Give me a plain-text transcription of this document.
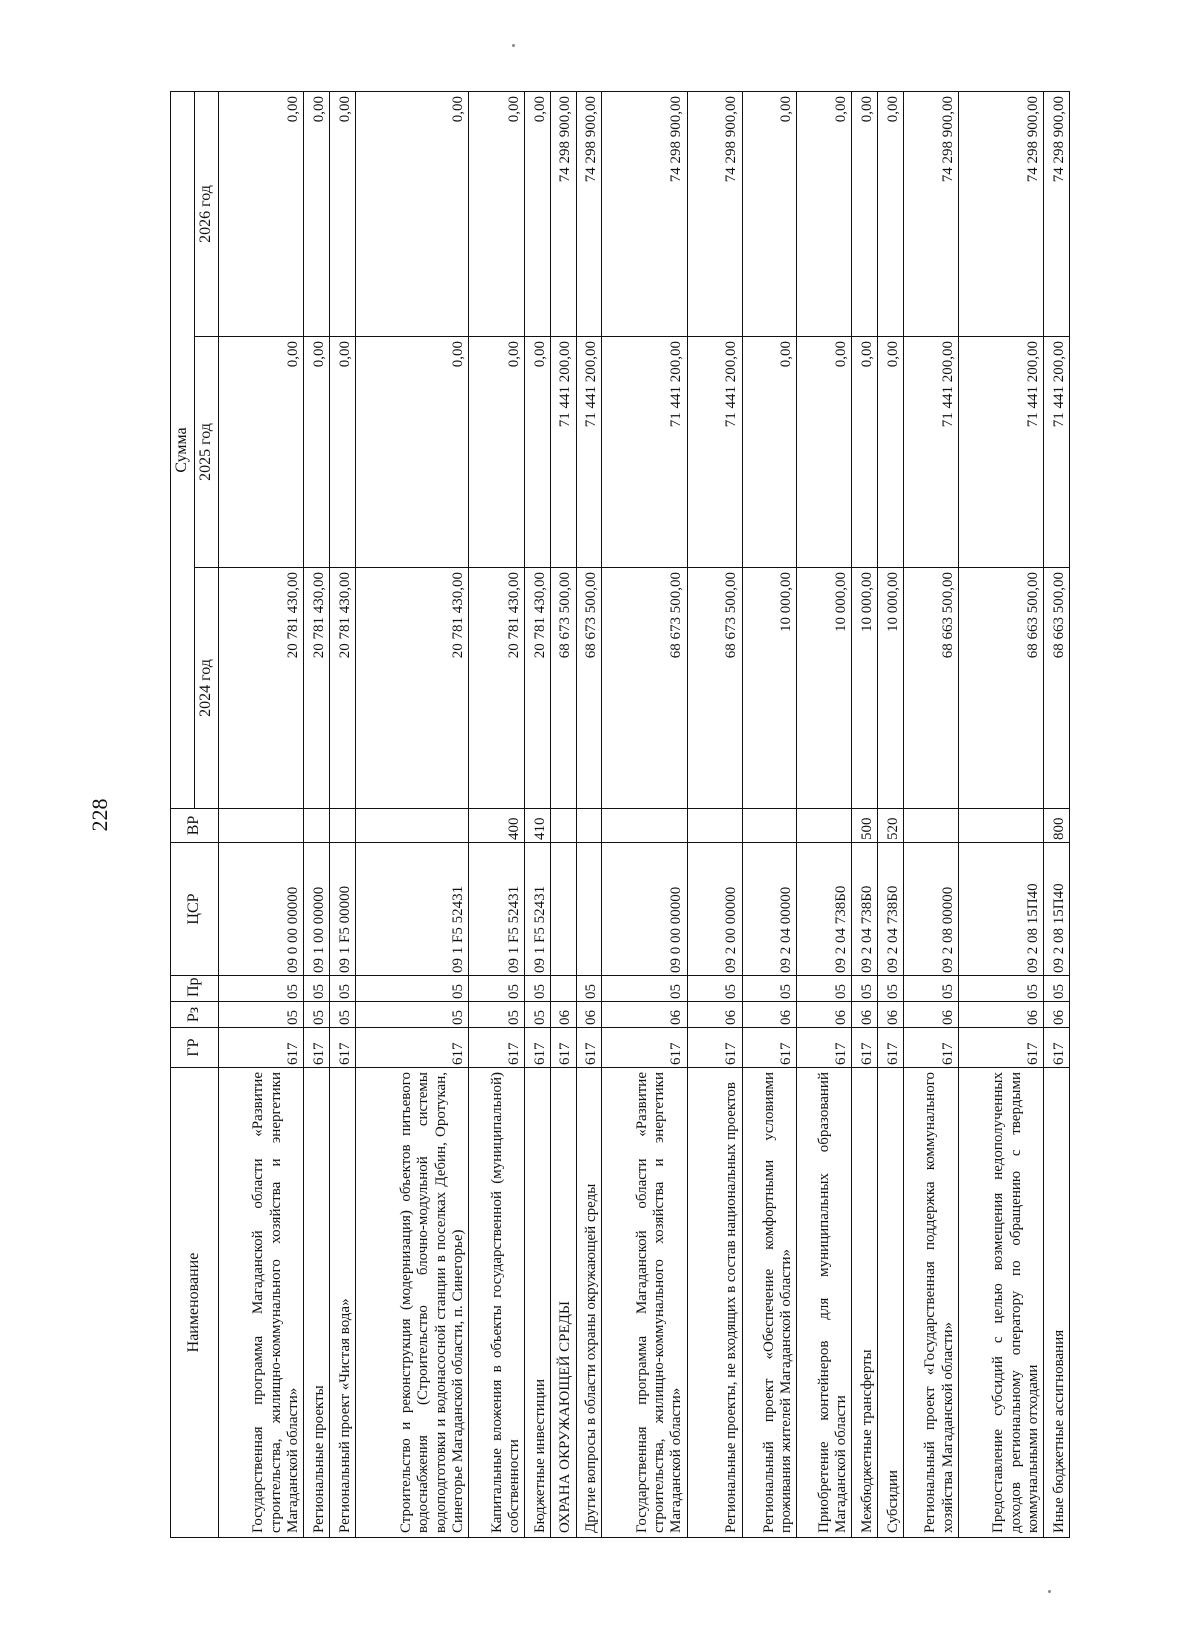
228
Наименование	ГР	Рз	Пр	ЦСР	ВР	Сумма		
						2024 год	2025 год	2026 год
Государственная программа Магаданской области «Развитие строительства, жилищно-коммунального хозяйства и энергетики Магаданской области»	617	05	05	09 0 00 00000		20 781 430,00	0,00	0,00
Региональные проекты	617	05	05	09 1 00 00000		20 781 430,00	0,00	0,00
Региональный проект «Чистая вода»	617	05	05	09 1 F5 00000		20 781 430,00	0,00	0,00
Строительство и реконструкция (модернизация) объектов питьевого водоснабжения (Строительство блочно-модульной системы водоподготовки и водонасосной станции в поселках Дебин, Оротукан, Синегорье Магаданской области, п. Синегорье)	617	05	05	09 1 F5 52431		20 781 430,00	0,00	0,00
Капитальные вложения в объекты государственной (муниципальной) собственности	617	05	05	09 1 F5 52431	400	20 781 430,00	0,00	0,00
Бюджетные инвестиции	617	05	05	09 1 F5 52431	410	20 781 430,00	0,00	0,00
ОХРАНА ОКРУЖАЮЩЕЙ СРЕДЫ	617	06				68 673 500,00	71 441 200,00	74 298 900,00
Другие вопросы в области охраны окружающей среды	617	06	05			68 673 500,00	71 441 200,00	74 298 900,00
Государственная программа Магаданской области «Развитие строительства, жилищно-коммунального хозяйства и энергетики Магаданской области»	617	06	05	09 0 00 00000		68 673 500,00	71 441 200,00	74 298 900,00
Региональные проекты, не входящих в состав национальных проектов	617	06	05	09 2 00 00000		68 673 500,00	71 441 200,00	74 298 900,00
Региональный проект «Обеспечение комфортными условиями проживания жителей Магаданской области»	617	06	05	09 2 04 00000		10 000,00	0,00	0,00
Приобретение контейнеров для муниципальных образований Магаданской области	617	06	05	09 2 04 738Б0		10 000,00	0,00	0,00
Межбюджетные трансферты	617	06	05	09 2 04 738Б0	500	10 000,00	0,00	0,00
Субсидии	617	06	05	09 2 04 738Б0	520	10 000,00	0,00	0,00
Региональный проект «Государственная поддержка коммунального хозяйства Магаданской области»	617	06	05	09 2 08 00000		68 663 500,00	71 441 200,00	74 298 900,00
Предоставление субсидий с целью возмещения недополученных доходов региональному оператору по обращению с твердыми коммунальными отходами	617	06	05	09 2 08 15П40		68 663 500,00	71 441 200,00	74 298 900,00
Иные бюджетные ассигнования	617	06	05	09 2 08 15П40	800	68 663 500,00	71 441 200,00	74 298 900,00
